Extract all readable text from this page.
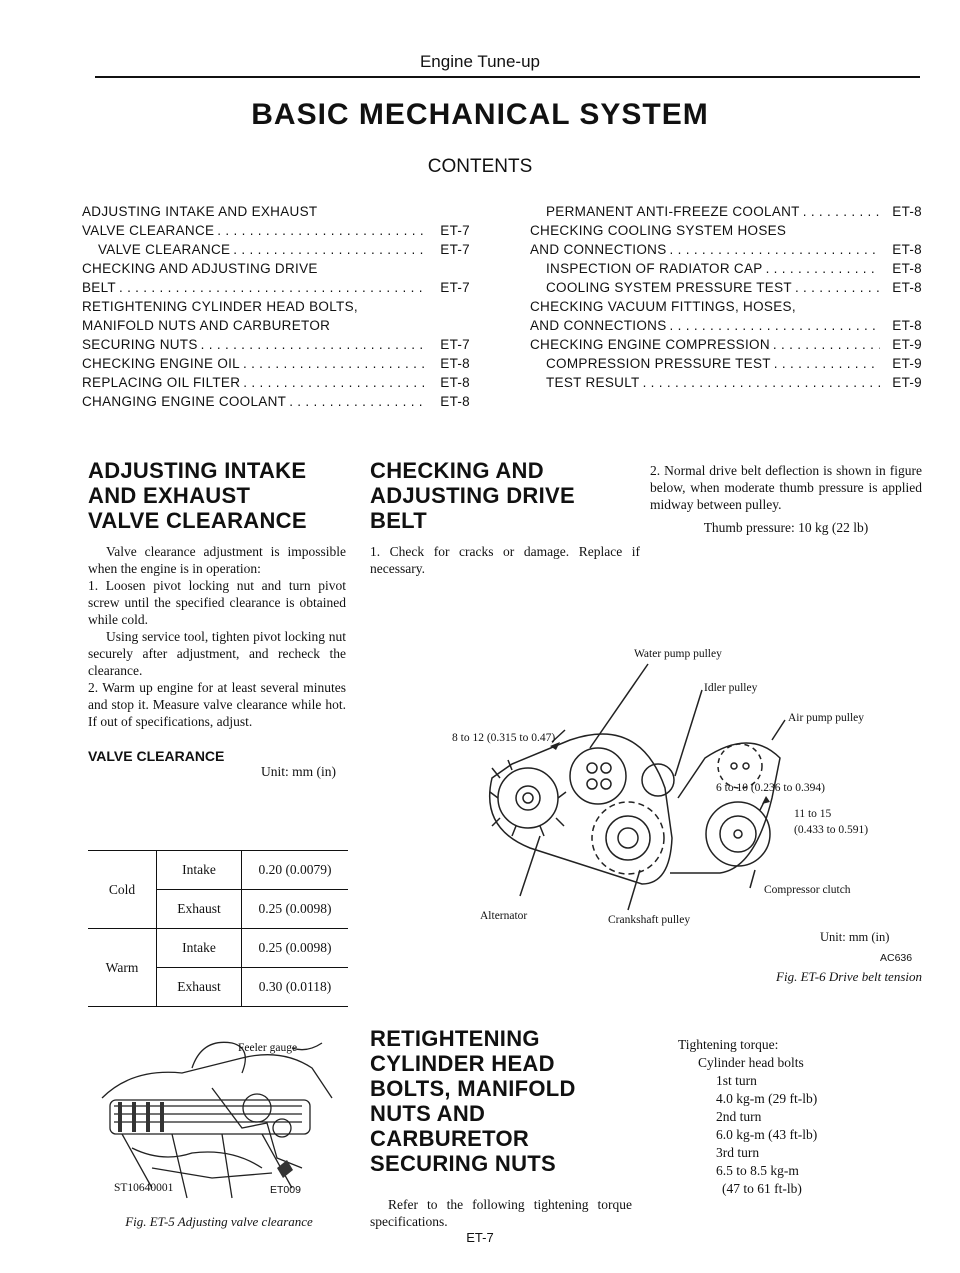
Engine Tune-up
BASIC MECHANICAL SYSTEM
CONTENTS
ADJUSTING INTAKE AND EXHAUST
VALVE CLEARANCE . . .	ET-7
VALVE CLEARANCE . . .	ET-7
CHECKING AND ADJUSTING DRIVE
BELT . . .	ET-7
RETIGHTENING CYLINDER HEAD BOLTS,
MANIFOLD NUTS AND CARBURETOR
SECURING NUTS . . .	ET-7
CHECKING ENGINE OIL . . .	ET-8
REPLACING OIL FILTER . . .	ET-8
CHANGING ENGINE COOLANT . . .	ET-8
PERMANENT ANTI-FREEZE COOLANT . . .	ET-8
CHECKING COOLING SYSTEM HOSES
AND CONNECTIONS . . .	ET-8
INSPECTION OF RADIATOR CAP . . .	ET-8
COOLING SYSTEM PRESSURE TEST . . .	ET-8
CHECKING VACUUM FITTINGS, HOSES,
AND CONNECTIONS . . .	ET-8
CHECKING ENGINE COMPRESSION . . .	ET-9
COMPRESSION PRESSURE TEST . . .	ET-9
TEST RESULT . . .	ET-9
ADJUSTING INTAKE
AND EXHAUST
VALVE CLEARANCE

Valve clearance adjustment is impossible when the engine is in operation:

1. Loosen pivot locking nut and turn pivot screw until the specified clearance is obtained while cold.

Using service tool, tighten pivot locking nut securely after adjustment, and recheck the clearance.

2. Warm up engine for at least several minutes and stop it. Measure valve clearance while hot. If out of specifications, adjust.

VALVE CLEARANCE
Unit: mm (in)
Cold	Intake	0.20 (0.0079)
	Exhaust	0.25 (0.0098)
Warm	Intake	0.25 (0.0098)
	Exhaust	0.30 (0.0118)
Feeler gauge
ST10640001	ET009
Fig. ET-5 Adjusting valve clearance
CHECKING AND
ADJUSTING DRIVE
BELT

1. Check for cracks or damage. Replace if necessary.

2. Normal drive belt deflection is shown in figure below, when moderate thumb pressure is applied midway between pulley.

Thumb pressure: 10 kg (22 lb)
Water pump pulley
Idler pulley
Air pump pulley
8 to 12 (0.315 to 0.47)
6 to 10 (0.236 to 0.394)
11 to 15
(0.433 to 0.591)
Compressor clutch
Alternator	Crankshaft pulley
Unit: mm (in)
AC636
Fig. ET-6 Drive belt tension
RETIGHTENING
CYLINDER HEAD
BOLTS, MANIFOLD
NUTS AND
CARBURETOR
SECURING NUTS

Refer to the following tightening torque specifications.

Tightening torque:
Cylinder head bolts
1st turn
4.0 kg-m (29 ft-lb)
2nd turn
6.0 kg-m (43 ft-lb)
3rd turn
6.5 to 8.5 kg-m
(47 to 61 ft-lb)
ET-7
